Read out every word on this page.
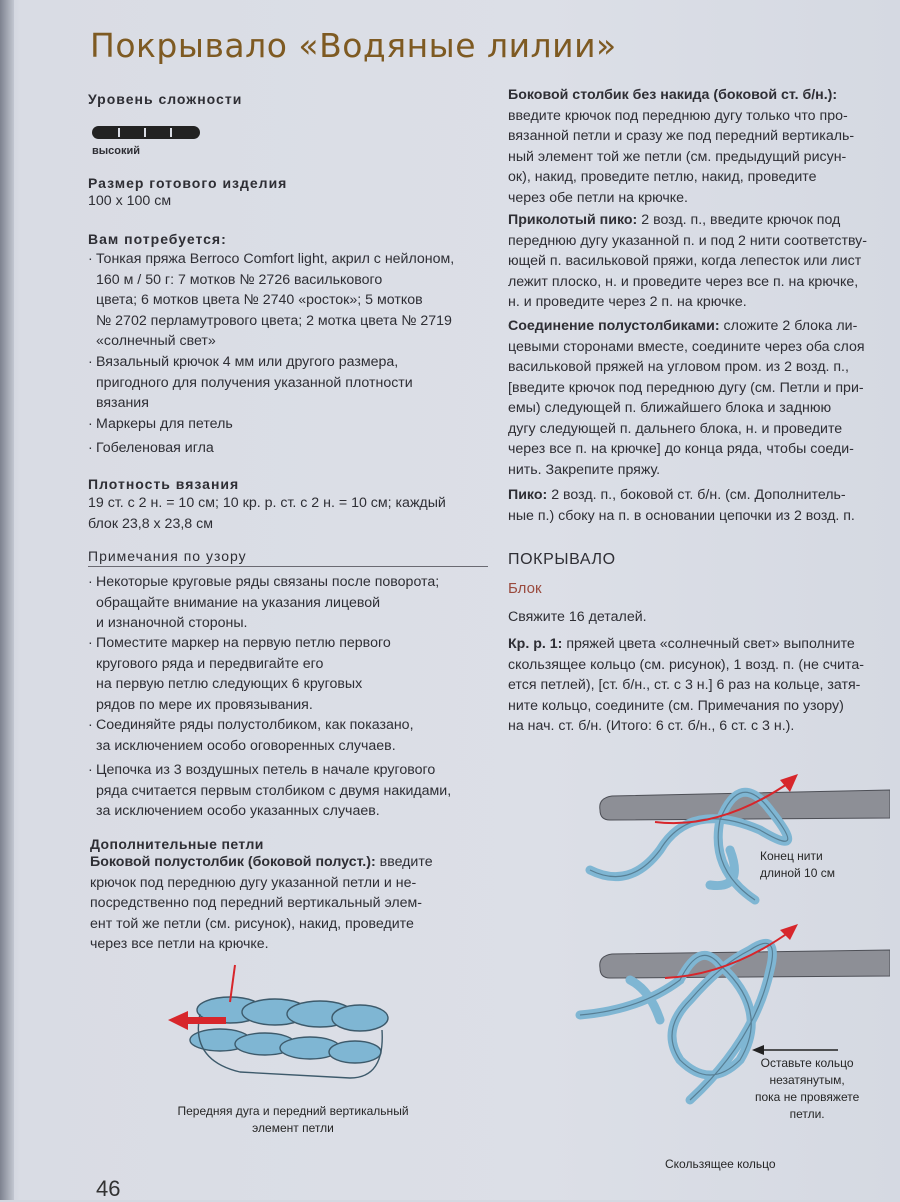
Покрывало «Водяные лилии»
Уровень сложности
высокий
Размер готового изделия
100 х 100 см
Вам потребуется:
· Тонкая пряжа Berroco Comfort light, акрил с нейлоном,
160 м / 50 г: 7 мотков № 2726 василькового
цвета; 6 мотков цвета № 2740 «росток»; 5 мотков
№ 2702 перламутрового цвета; 2 мотка цвета № 2719
«солнечный свет»
· Вязальный крючок 4 мм или другого размера,
пригодного для получения указанной плотности
вязания
· Маркеры для петель
· Гобеленовая игла
Плотность вязания
19 ст. с 2 н. = 10 см; 10 кр. р. ст. с 2 н. = 10 см; каждый
блок 23,8 х 23,8 см
Примечания по узору
· Некоторые круговые ряды связаны после поворота;
обращайте внимание на указания лицевой
и изнаночной стороны.
· Поместите маркер на первую петлю первого
кругового ряда и передвигайте его
на первую петлю следующих 6 круговых
рядов по мере их провязывания.
· Соединяйте ряды полустолбиком, как показано,
за исключением особо оговоренных случаев.
· Цепочка из 3 воздушных петель в начале кругового
ряда считается первым столбиком с двумя накидами,
за исключением особо указанных случаев.
Дополнительные петли
Боковой полустолбик (боковой полуст.): введите
крючок под переднюю дугу указанной петли и не-
посредственно под передний вертикальный элем-
ент той же петли (см. рисунок), накид, проведите
через все петли на крючке.
Передняя дуга и передний вертикальный
элемент петли
Боковой столбик без накида (боковой ст. б/н.):
введите крючок под переднюю дугу только что про-
вязанной петли и сразу же под передний вертикаль-
ный элемент той же петли (см. предыдущий рисун-
ок), накид, проведите петлю, накид, проведите
через обе петли на крючке.
Приколотый пико: 2 возд. п., введите крючок под
переднюю дугу указанной п. и под 2 нити соответству-
ющей п. васильковой пряжи, когда лепесток или лист
лежит плоско, н. и проведите через все п. на крючке,
н. и проведите через 2 п. на крючке.
Соединение полустолбиками: сложите 2 блока ли-
цевыми сторонами вместе, соедините через оба слоя
васильковой пряжей на угловом пром. из 2 возд. п.,
[введите крючок под переднюю дугу (см. Петли и при-
емы) следующей п. ближайшего блока и заднюю
дугу следующей п. дальнего блока, н. и проведите
через все п. на крючке] до конца ряда, чтобы соеди-
нить. Закрепите пряжу.
Пико: 2 возд. п., боковой ст. б/н. (см. Дополнитель-
ные п.) сбоку на п. в основании цепочки из 2 возд. п.
ПОКРЫВАЛО
Блок
Свяжите 16 деталей.
Кр. р. 1: пряжей цвета «солнечный свет» выполните
скользящее кольцо (см. рисунок), 1 возд. п. (не счита-
ется петлей), [ст. б/н., ст. с 3 н.] 6 раз на кольце, затя-
ните кольцо, соедините (см. Примечания по узору)
на нач. ст. б/н. (Итого: 6 ст. б/н., 6 ст. с 3 н.).
Конец нити
длиной 10 см
Оставьте кольцо
незатянутым,
пока не провяжете
петли.
Скользящее кольцо
46
